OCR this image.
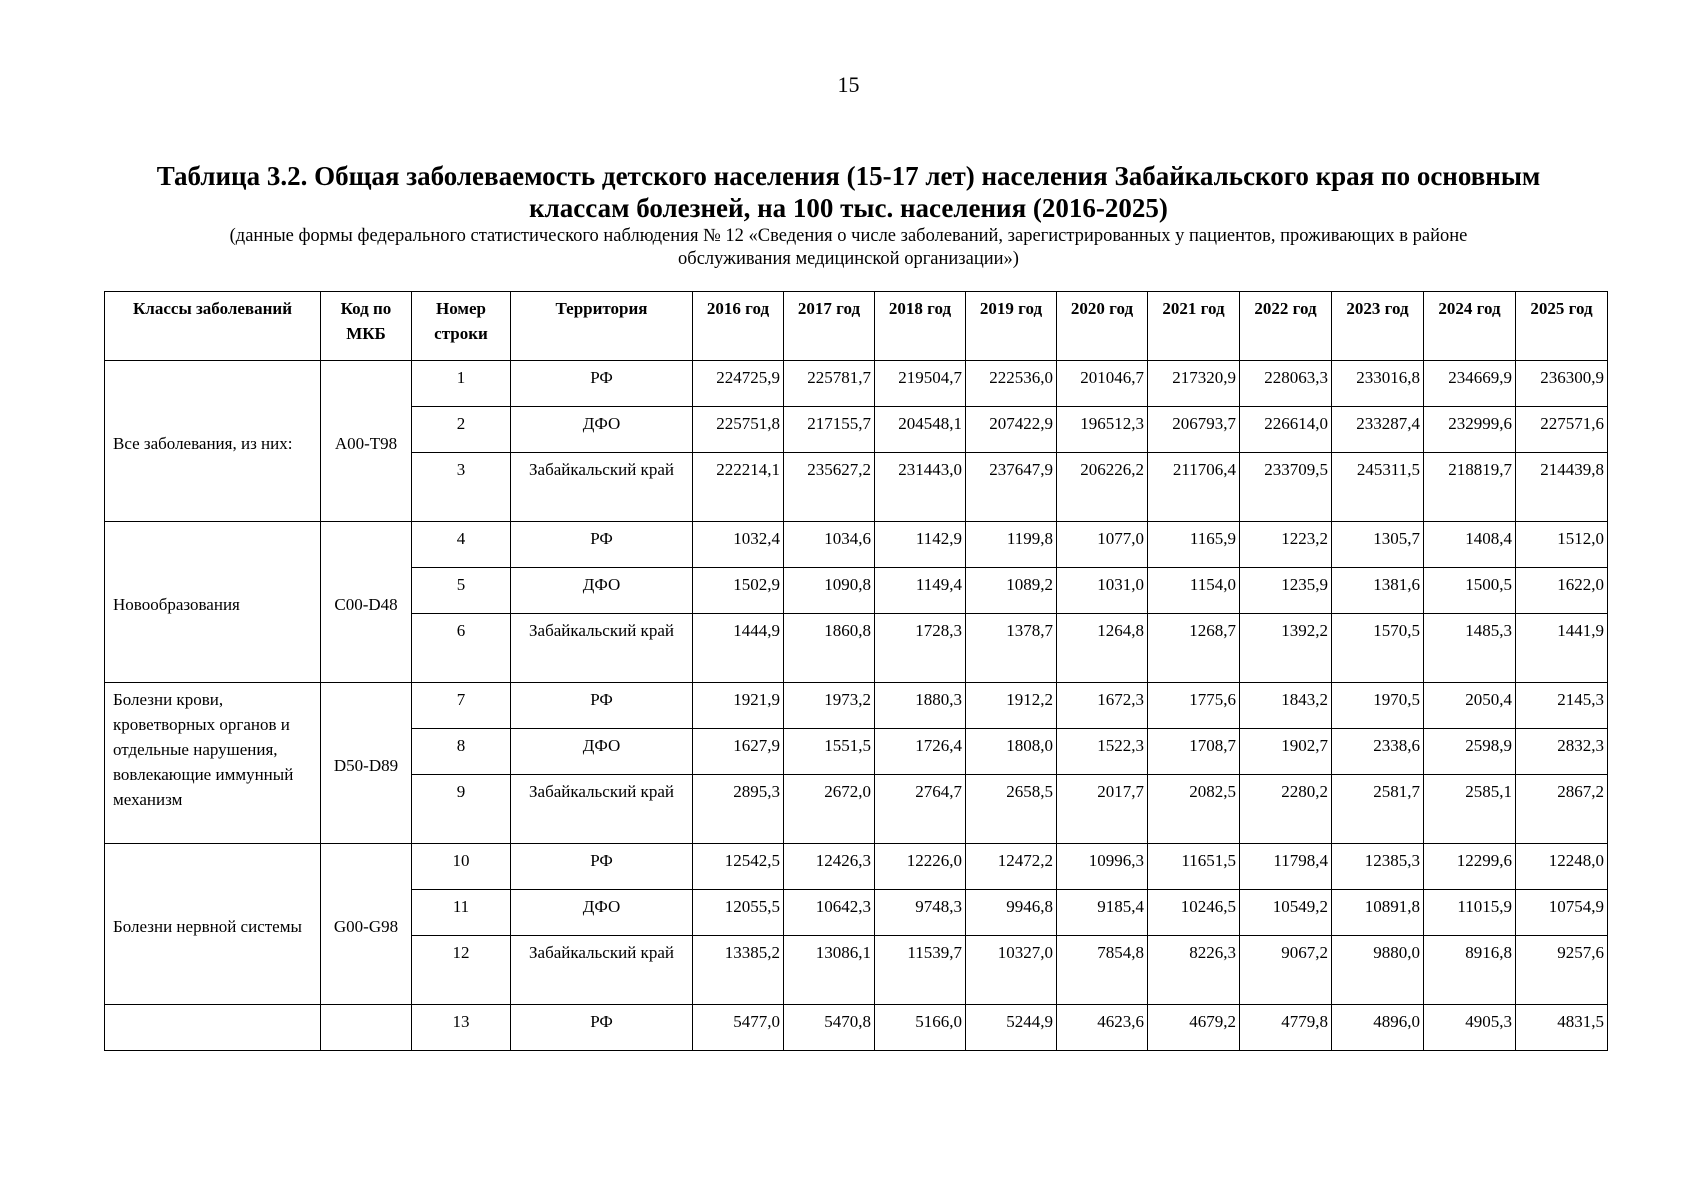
15
Таблица 3.2. Общая заболеваемость детского населения (15-17 лет) населения Забайкальского края по основным
классам болезней, на 100 тыс. населения (2016-2025)
(данные формы федерального статистического наблюдения № 12 «Сведения о числе заболеваний, зарегистрированных у пациентов, проживающих в районе
обслуживания медицинской организации»)
Классы заболеваний	Код по МКБ	Номер строки	Территория	2016 год	2017 год	2018 год	2019 год	2020 год	2021 год	2022 год	2023 год	2024 год	2025 год
Все заболевания, из них:	А00-Т98	1	РФ	224725,9	225781,7	219504,7	222536,0	201046,7	217320,9	228063,3	233016,8	234669,9	236300,9
		2	ДФО	225751,8	217155,7	204548,1	207422,9	196512,3	206793,7	226614,0	233287,4	232999,6	227571,6
		3	Забайкальский край	222214,1	235627,2	231443,0	237647,9	206226,2	211706,4	233709,5	245311,5	218819,7	214439,8
Новообразования	C00-D48	4	РФ	1032,4	1034,6	1142,9	1199,8	1077,0	1165,9	1223,2	1305,7	1408,4	1512,0
		5	ДФО	1502,9	1090,8	1149,4	1089,2	1031,0	1154,0	1235,9	1381,6	1500,5	1622,0
		6	Забайкальский край	1444,9	1860,8	1728,3	1378,7	1264,8	1268,7	1392,2	1570,5	1485,3	1441,9
Болезни крови, кроветворных органов и отдельные нарушения, вовлекающие иммунный механизм	D50-D89	7	РФ	1921,9	1973,2	1880,3	1912,2	1672,3	1775,6	1843,2	1970,5	2050,4	2145,3
		8	ДФО	1627,9	1551,5	1726,4	1808,0	1522,3	1708,7	1902,7	2338,6	2598,9	2832,3
		9	Забайкальский край	2895,3	2672,0	2764,7	2658,5	2017,7	2082,5	2280,2	2581,7	2585,1	2867,2
Болезни нервной системы	G00-G98	10	РФ	12542,5	12426,3	12226,0	12472,2	10996,3	11651,5	11798,4	12385,3	12299,6	12248,0
		11	ДФО	12055,5	10642,3	9748,3	9946,8	9185,4	10246,5	10549,2	10891,8	11015,9	10754,9
		12	Забайкальский край	13385,2	13086,1	11539,7	10327,0	7854,8	8226,3	9067,2	9880,0	8916,8	9257,6
		13	РФ	5477,0	5470,8	5166,0	5244,9	4623,6	4679,2	4779,8	4896,0	4905,3	4831,5
